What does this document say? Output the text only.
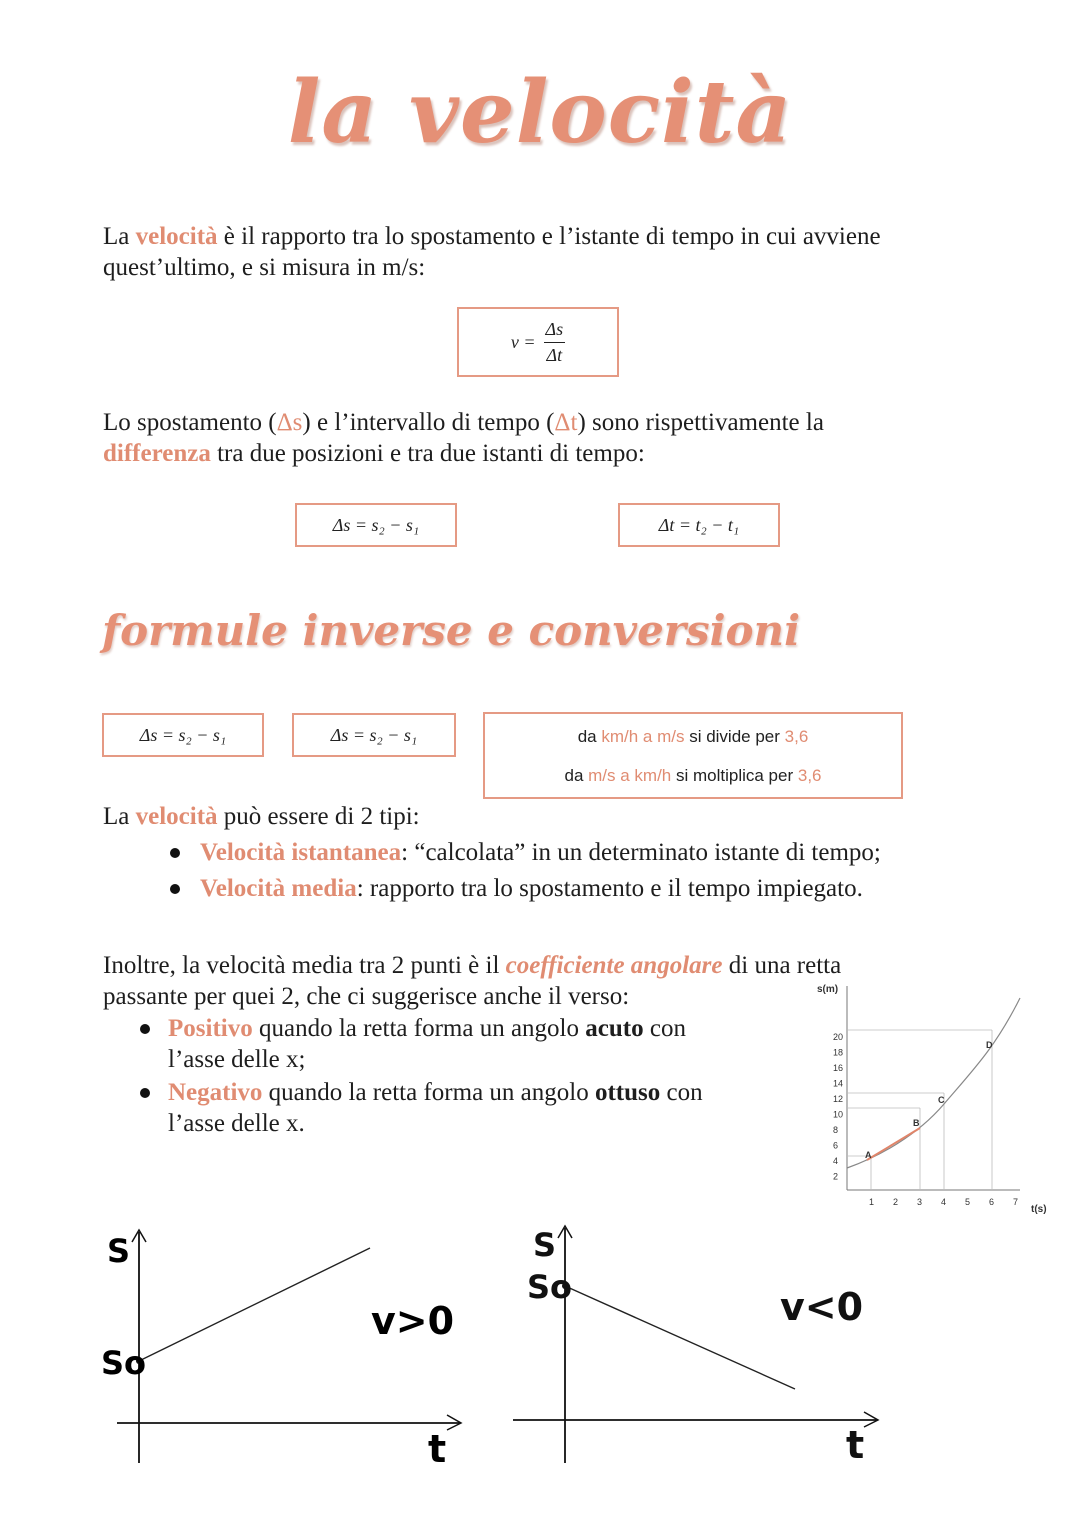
la velocità
La velocità è il rapporto tra lo spostamento e l’istante di tempo in cui avviene
quest’ultimo, e si misura in m/s:
$v = \frac{\Delta s}{\Delta t}$
Lo spostamento (Δs) e l’intervallo di tempo (Δt) sono rispettivamente la
differenza tra due posizioni e tra due istanti di tempo:
Δs = s₂ − s₁	Δt = t₂ − t₁
formule inverse e conversioni
Δs = s₂ − s₁	Δs = s₂ − s₁	da km/h a m/s si divide per 3,6
da m/s a km/h si moltiplica per 3,6
La velocità può essere di 2 tipi:
Velocità istantanea: “calcolata” in un determinato istante di tempo;
Velocità media: rapporto tra lo spostamento e il tempo impiegato.
Inoltre, la velocità media tra 2 punti è il coefficiente angolare di una retta
passante per quei 2, che ci suggerisce anche il verso:
Positivo quando la retta forma un angolo acuto con
l’asse delle x;
Negativo quando la retta forma un angolo ottuso con
l’asse delle x.
s(m)
t(s)
20
18
16
14
12
10
8
6
4
2
1 2 3 4 5 6 7
A
B
C
D
S
So
t
v>0
S
So
t
v<0
